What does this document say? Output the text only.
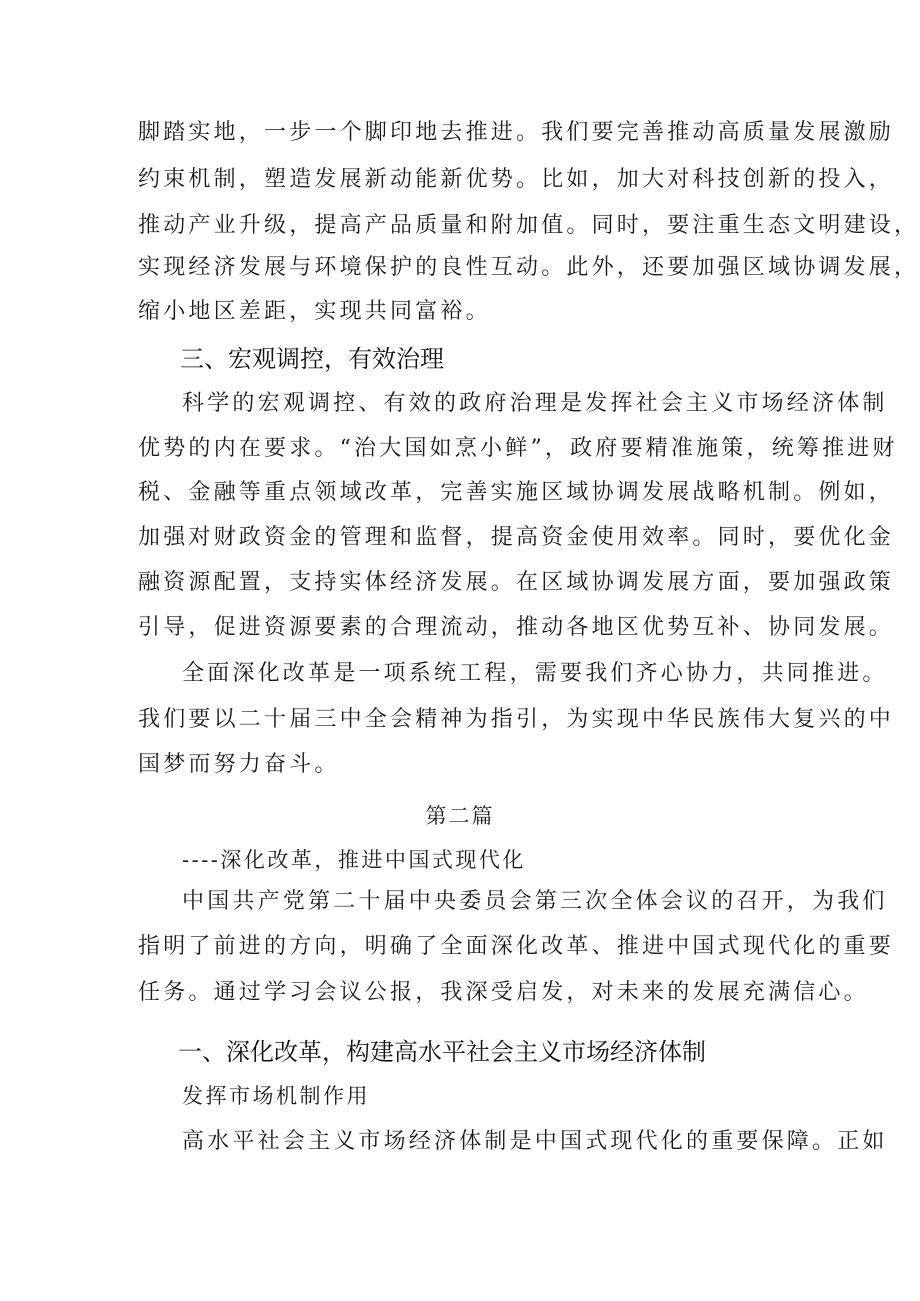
脚踏实地，一步一个脚印地去推进。我们要完善推动高质量发展激励
约束机制，塑造发展新动能新优势。比如，加大对科技创新的投入，
推动产业升级，提高产品质量和附加值。同时，要注重生态文明建设，
实现经济发展与环境保护的良性互动。此外，还要加强区域协调发展，
缩小地区差距，实现共同富裕。
三、宏观调控，有效治理
科学的宏观调控、有效的政府治理是发挥社会主义市场经济体制
优势的内在要求。“治大国如烹小鲜”，政府要精准施策，统筹推进财
税、金融等重点领域改革，完善实施区域协调发展战略机制。例如，
加强对财政资金的管理和监督，提高资金使用效率。同时，要优化金
融资源配置，支持实体经济发展。在区域协调发展方面，要加强政策
引导，促进资源要素的合理流动，推动各地区优势互补、协同发展。
全面深化改革是一项系统工程，需要我们齐心协力，共同推进。
我们要以二十届三中全会精神为指引，为实现中华民族伟大复兴的中
国梦而努力奋斗。
第二篇
----深化改革，推进中国式现代化
中国共产党第二十届中央委员会第三次全体会议的召开，为我们
指明了前进的方向，明确了全面深化改革、推进中国式现代化的重要
任务。通过学习会议公报，我深受启发，对未来的发展充满信心。
一、深化改革，构建高水平社会主义市场经济体制
发挥市场机制作用
高水平社会主义市场经济体制是中国式现代化的重要保障。正如
